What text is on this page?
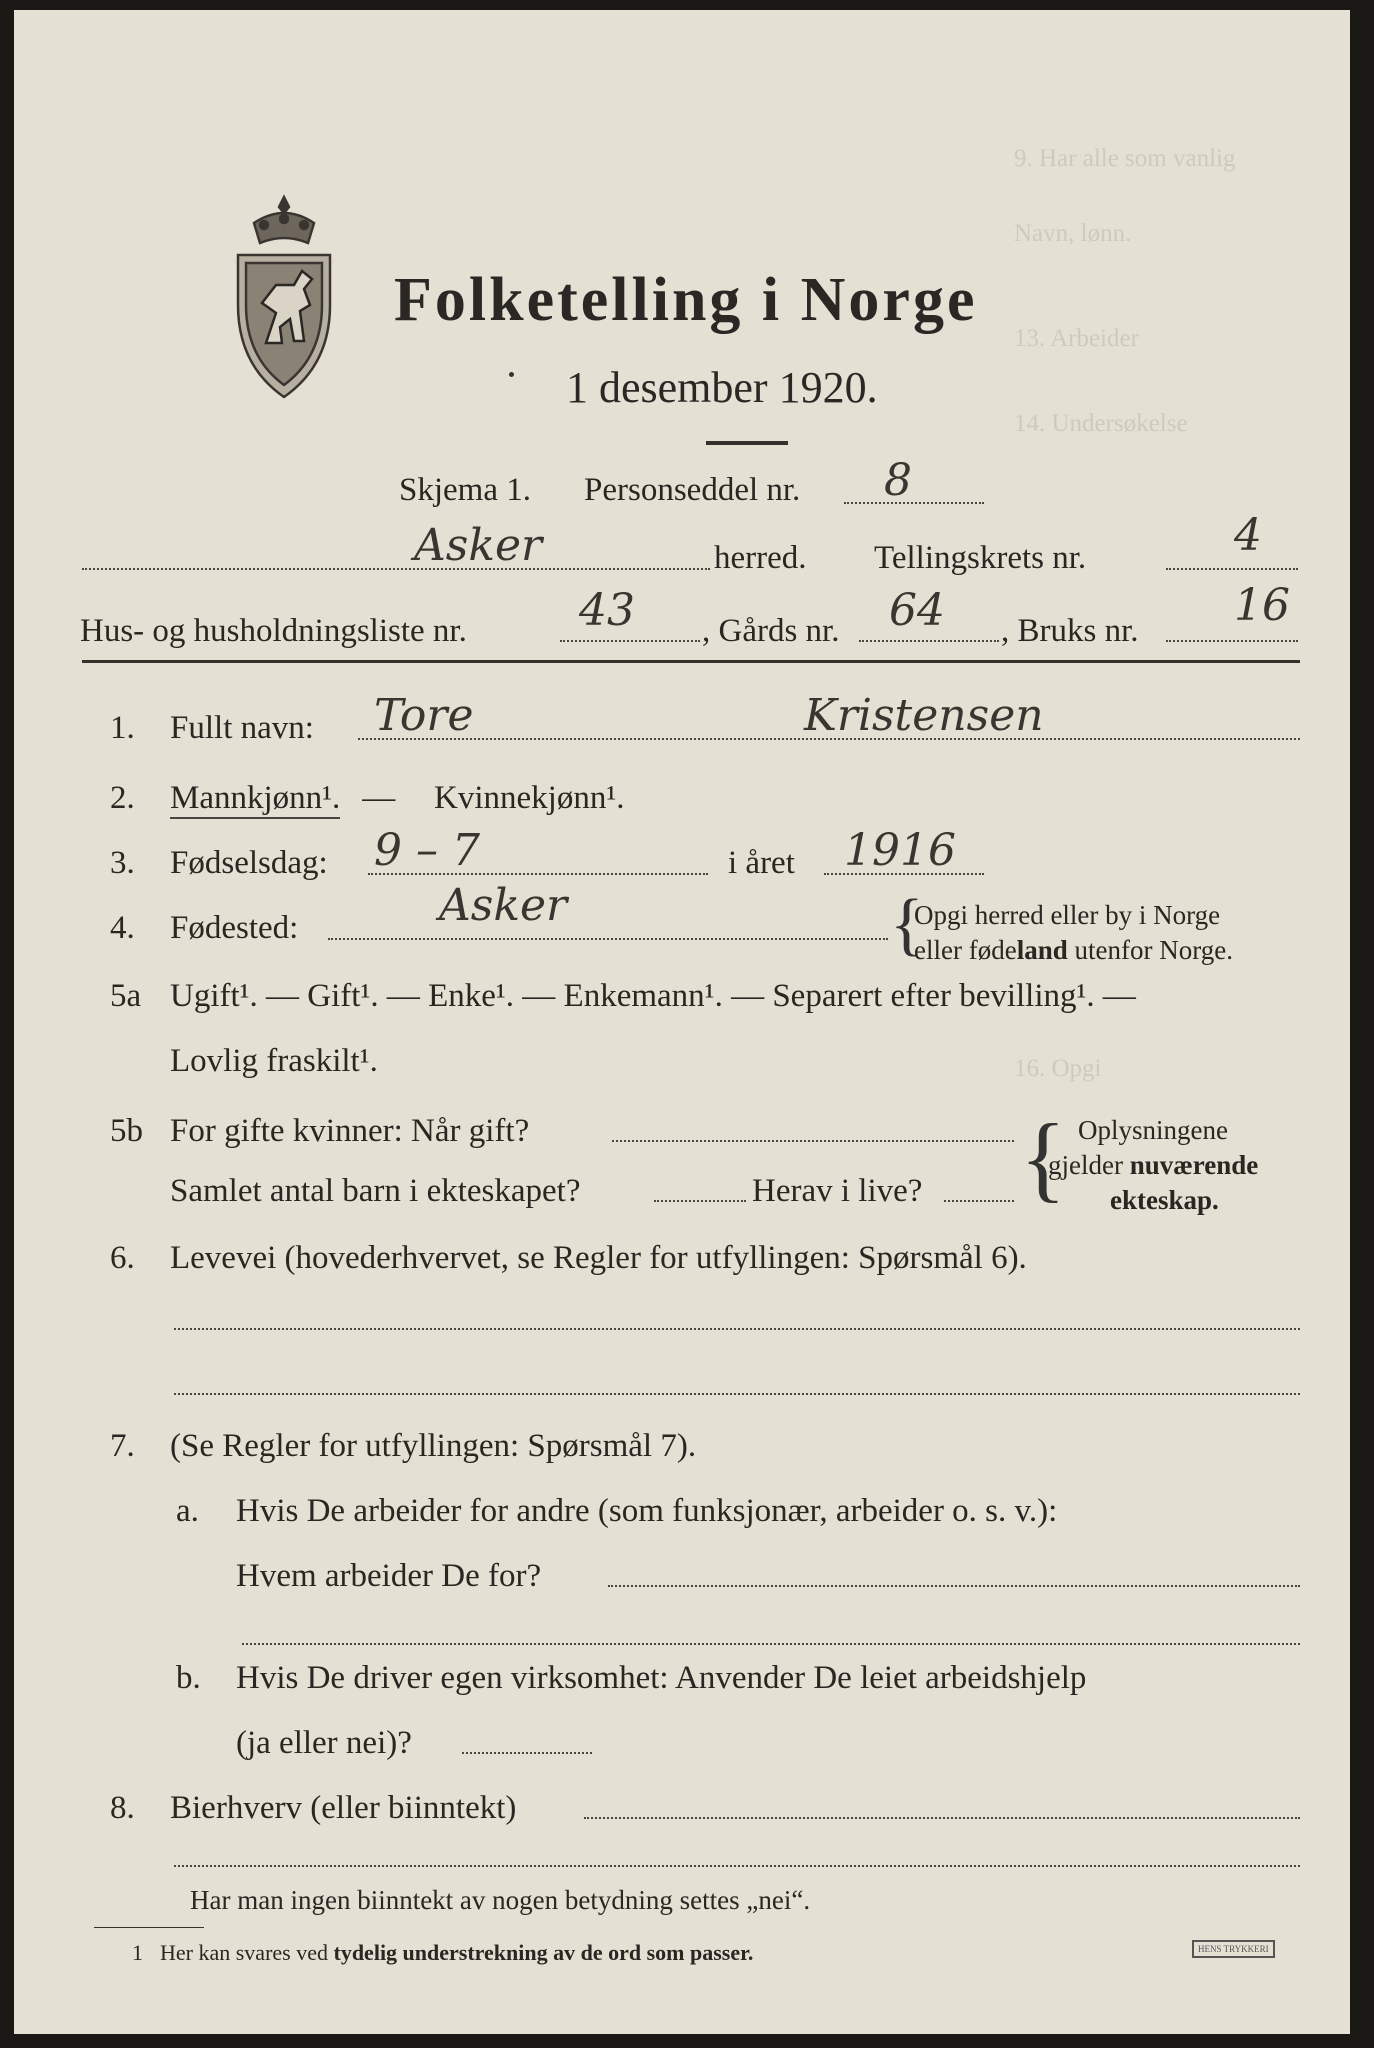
9. Har alle som vanlig
Navn, lønn.
13. Arbeider
14. Undersøkelse
16. Opgi
Folketelling i Norge
1 desember 1920.
Skjema 1. Personseddel nr. 8
Asker	herred. Tellingskrets nr.	4
Hus- og husholdningsliste nr.	43 , Gårds nr. 64 , Bruks nr. 16
1. Fullt navn: Tore	Kristensen
2. Mannkjønn¹. — Kvinnekjønn¹.
3. Fødselsdag: 9 – 7	i året 1916
4. Fødested:	Asker	{
Opgi herred eller by i Norge
eller fødeland utenfor Norge.
5a Ugift¹. — Gift¹. — Enke¹. — Enkemann¹. — Separert efter bevilling¹. —
Lovlig fraskilt¹.
5b For gifte kvinner: Når gift?
Samlet antal barn i ekteskapet?	Herav i live? { Oplysningene
gjelder nuværende
ekteskap.
6. Levevei (hovederhvervet, se Regler for utfyllingen: Spørsmål 6).
7. (Se Regler for utfyllingen: Spørsmål 7).
a. Hvis De arbeider for andre (som funksjonær, arbeider o. s. v.):
Hvem arbeider De for?
b. Hvis De driver egen virksomhet: Anvender De leiet arbeidshjelp
(ja eller nei)?
8. Bierhverv (eller biinntekt)
Har man ingen biinntekt av nogen betydning settes „nei“.
1 Her kan svares ved tydelig understrekning av de ord som passer.	HENS TRYKKERI
